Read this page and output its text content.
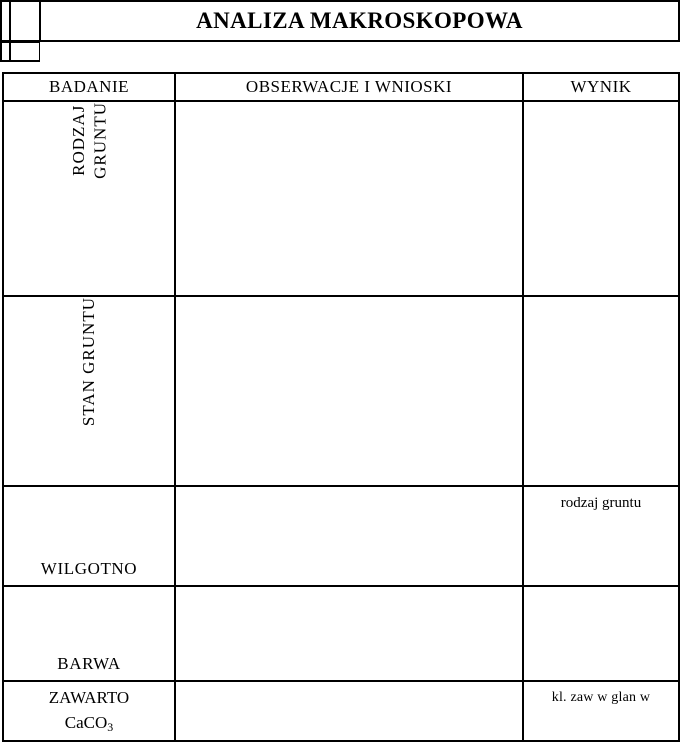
ANALIZA MAKROSKOPOWA
BADANIE	OBSERWACJE I WNIOSKI	WYNIK

RODZAJ GRUNTU		

STAN GRUNTU		

WILGOTNO		rodzaj gruntu

BARWA		

ZAWARTO
CaCO$_3$		kl. zaw w glan w
